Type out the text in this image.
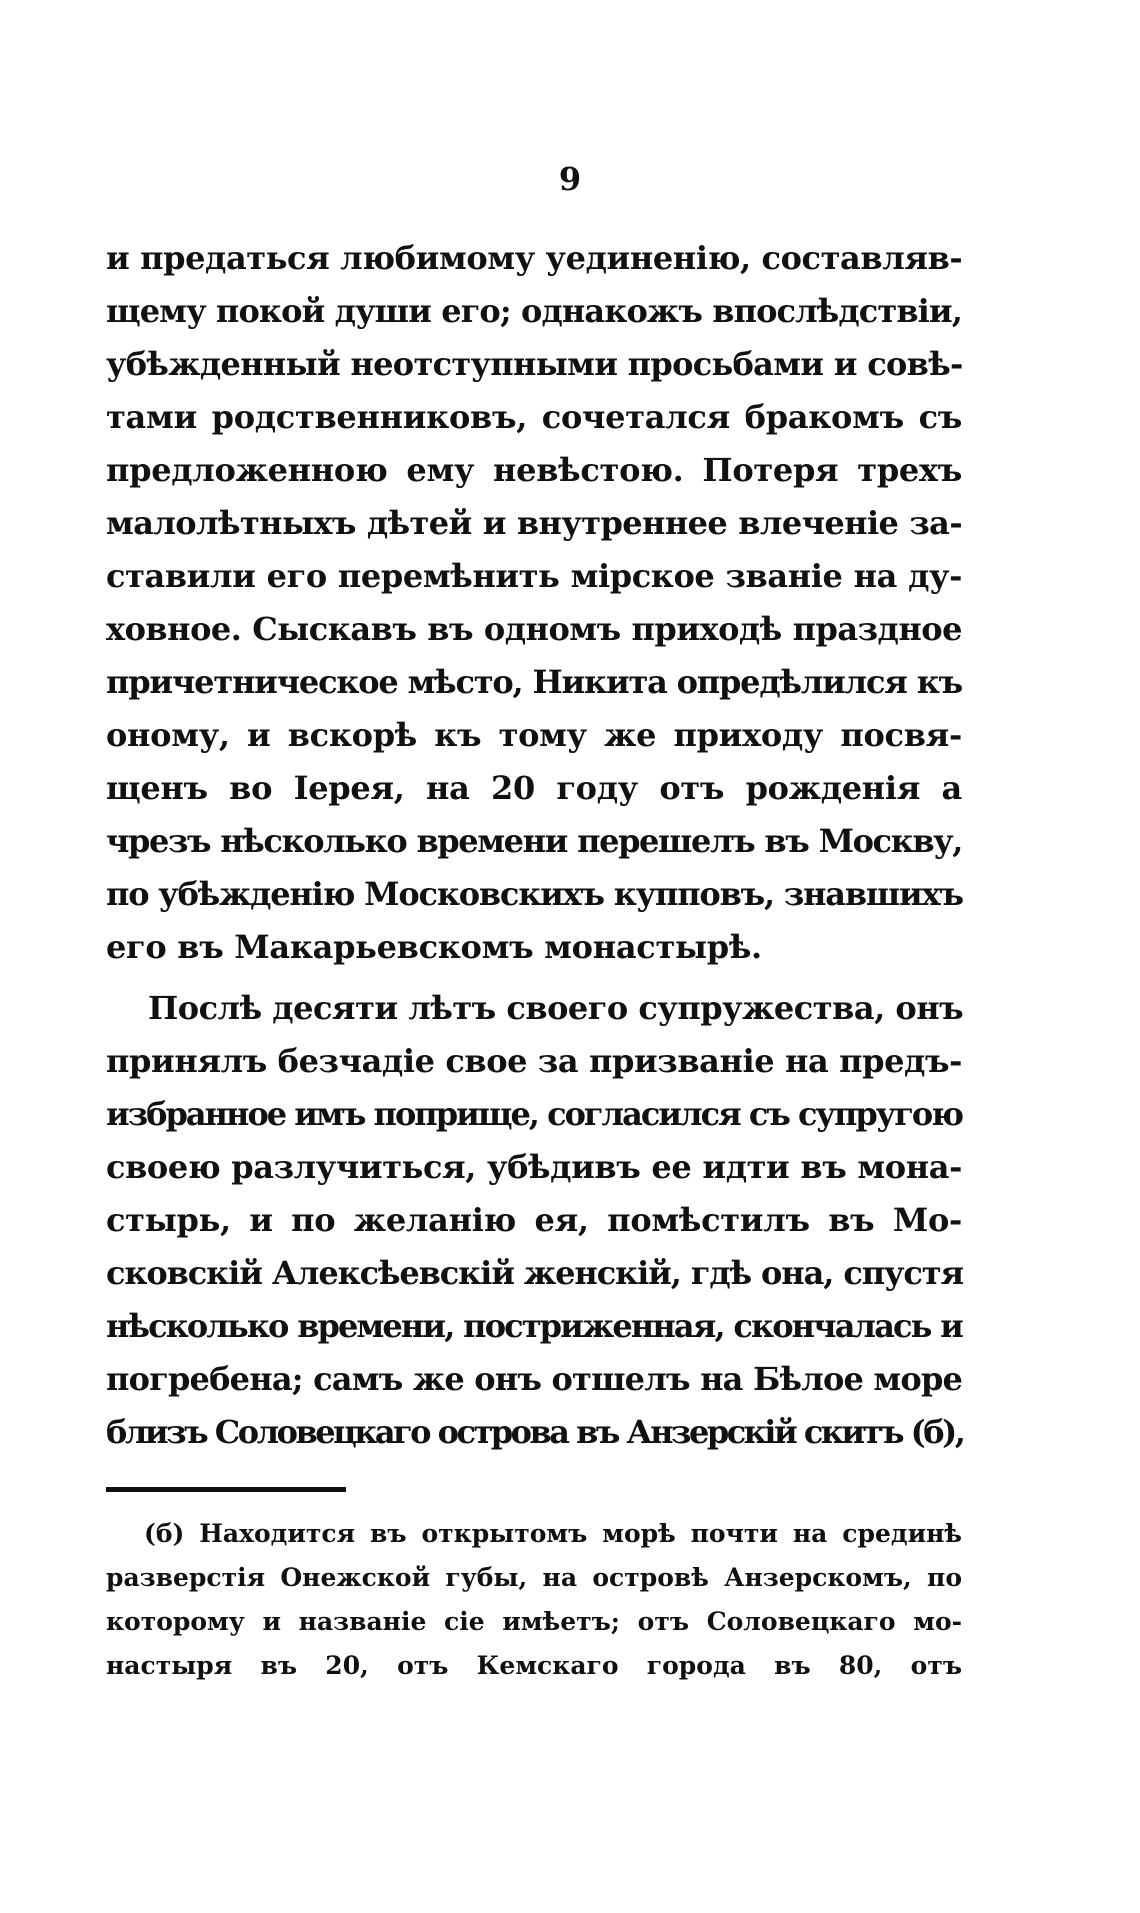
9
и предаться любимому уединенію, составляв-
щему покой души его; однакожъ впослѣдствіи,
убѣжденный неотступными просьбами и совѣ-
тами родственниковъ, сочетался бракомъ съ
предложенною ему невѣстою. Потеря трехъ
малолѣтныхъ дѣтей и внутреннее влеченіе за-
ставили его перемѣнить мірское званіе на ду-
ховное. Сыскавъ въ одномъ приходѣ праздное
причетническое мѣсто, Никита опредѣлился къ
оному, и вскорѣ къ тому же приходу посвя-
щенъ во Іерея, на 20 году отъ рожденія а
чрезъ нѣсколько времени перешелъ въ Москву,
по убѣжденію Московскихъ купповъ, знавшихъ
его въ Макарьевскомъ монастырѣ.
Послѣ десяти лѣтъ своего супружества, онъ
принялъ безчадіе свое за призваніе на предъ-
избранное имъ поприще, согласился съ супругою
своею разлучиться, убѣдивъ ее идти въ мона-
стырь, и по желанію ея, помѣстилъ въ Мо-
сковскій Алексѣевскій женскій, гдѣ она, спустя
нѣсколько времени, постриженная, скончалась и
погребена; самъ же онъ отшелъ на Бѣлое море
близъ Соловецкаго острова въ Анзерскій скитъ (б),
(б) Находится въ открытомъ морѣ почти на срединѣ
разверстія Онежской губы, на островѣ Анзерскомъ, по
которому и названіе сіе имѣетъ; отъ Соловецкаго мо-
настыря въ 20, отъ Кемскаго города въ 80, отъ
